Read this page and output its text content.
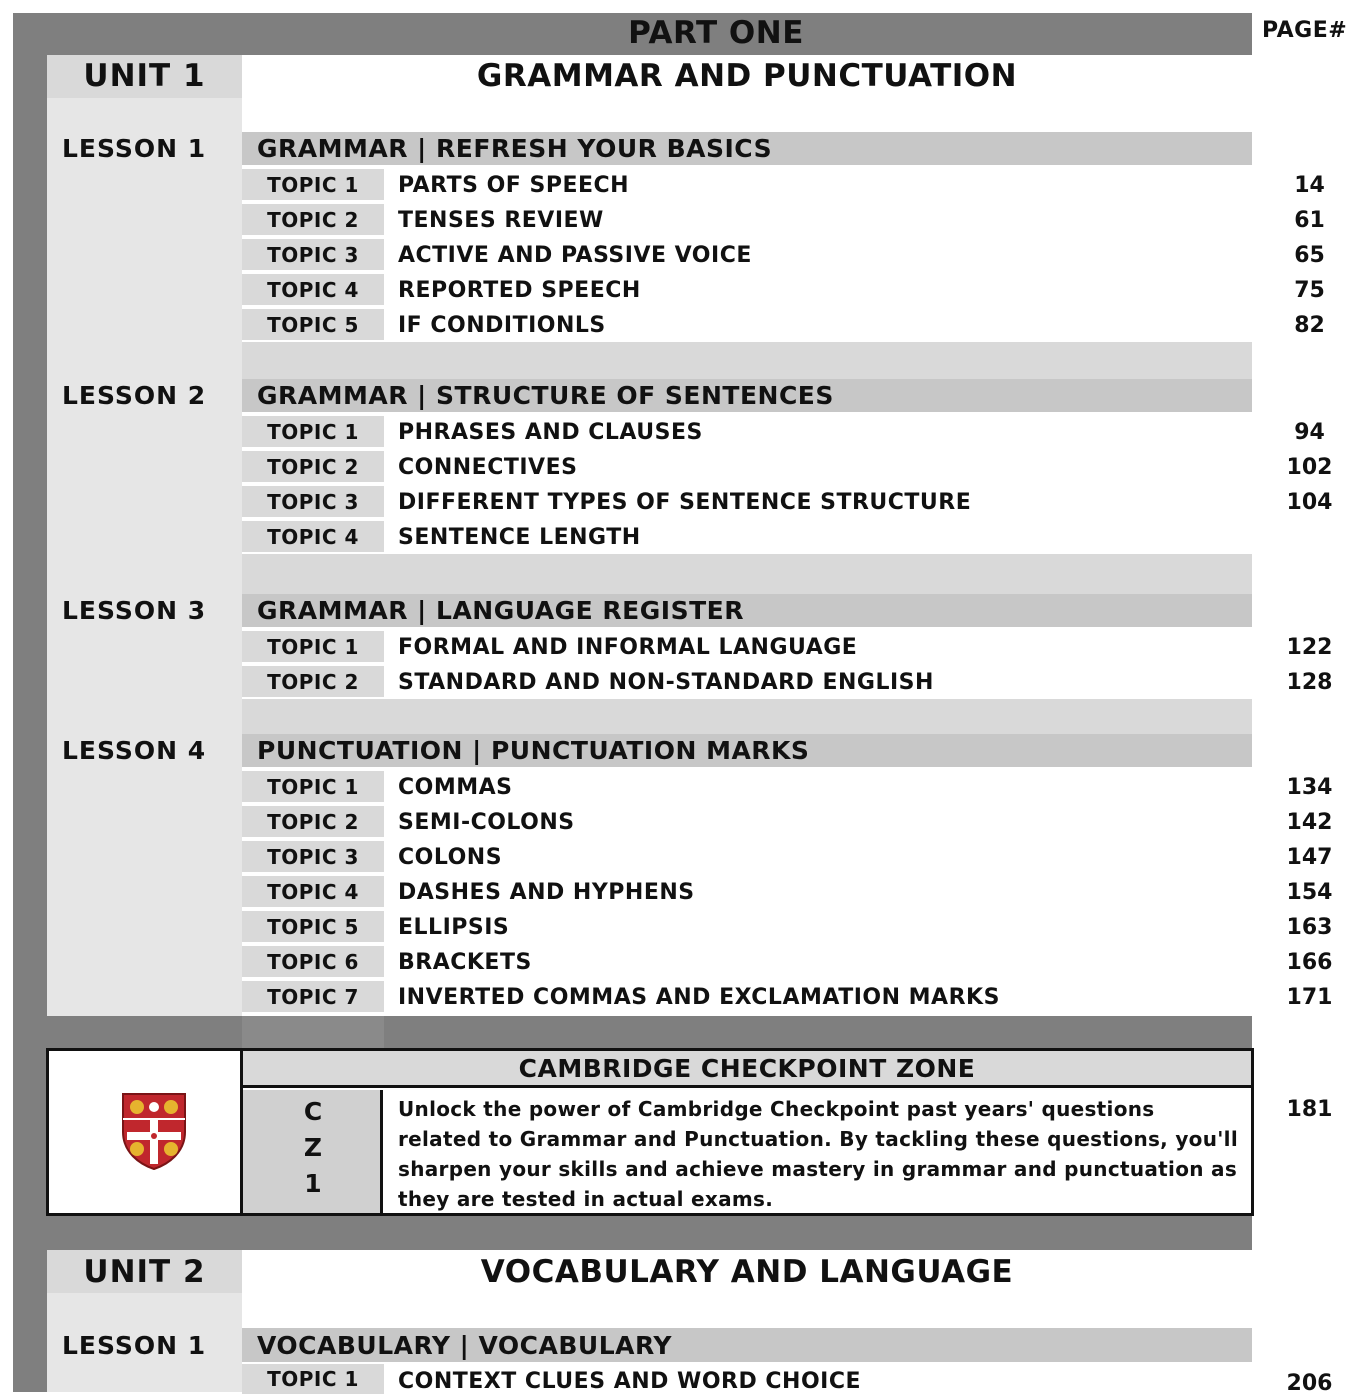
PART ONE	PAGE#
UNIT 1	GRAMMAR AND PUNCTUATION
LESSON 1 GRAMMAR | REFRESH YOUR BASICS
TOPIC 1	PARTS OF SPEECH	14
TOPIC 2	TENSES REVIEW	61
TOPIC 3	ACTIVE AND PASSIVE VOICE	65
TOPIC 4	REPORTED SPEECH	75
TOPIC 5	IF CONDITIONLS	82
LESSON 2 GRAMMAR | STRUCTURE OF SENTENCES
TOPIC 1	PHRASES AND CLAUSES	94
TOPIC 2	CONNECTIVES	102
TOPIC 3	DIFFERENT TYPES OF SENTENCE STRUCTURE	104
TOPIC 4	SENTENCE LENGTH
LESSON 3 GRAMMAR | LANGUAGE REGISTER
TOPIC 1	FORMAL AND INFORMAL LANGUAGE	122
TOPIC 2	STANDARD AND NON-STANDARD ENGLISH	128
LESSON 4 PUNCTUATION | PUNCTUATION MARKS
TOPIC 1	COMMAS	134
TOPIC 2	SEMI-COLONS	142
TOPIC 3	COLONS	147
TOPIC 4	DASHES AND HYPHENS	154
TOPIC 5	ELLIPSIS	163
TOPIC 6	BRACKETS	166
TOPIC 7	INVERTED COMMAS AND EXCLAMATION MARKS	171
CAMBRIDGE CHECKPOINT ZONE
C
Z
1
Unlock the power of Cambridge Checkpoint past years' questions related to Grammar and Punctuation. By tackling these questions, you'll sharpen your skills and achieve mastery in grammar and punctuation as they are tested in actual exams.
181
UNIT 2	VOCABULARY AND LANGUAGE
LESSON 1 VOCABULARY | VOCABULARY
TOPIC 1	CONTEXT CLUES AND WORD CHOICE	206
